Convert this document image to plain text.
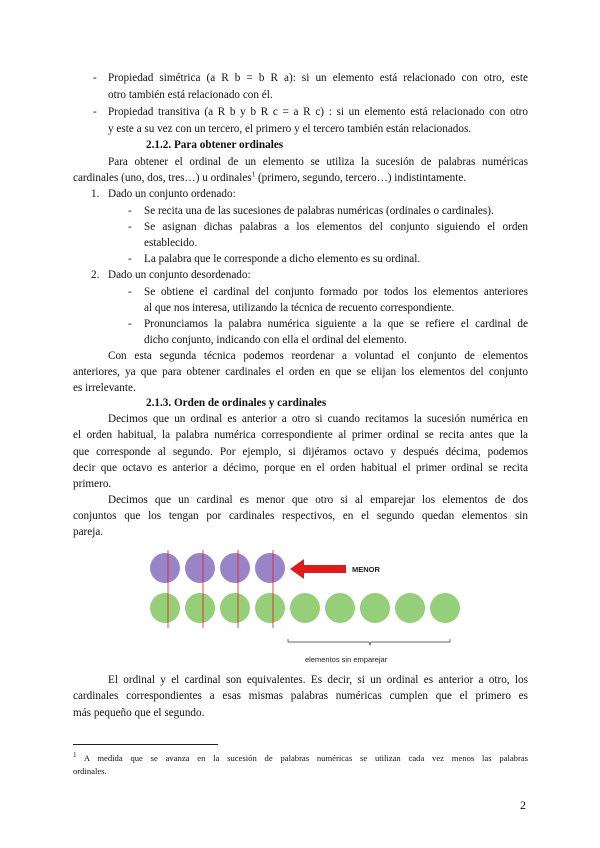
- Propiedad simétrica (a R b = b R a): si un elemento está relacionado con otro, este
otro también está relacionado con él.
- Propiedad transitiva (a R b y b R c = a R c) : si un elemento está relacionado con otro
y este a su vez con un tercero, el primero y el tercero también están relacionados.
2.1.2. Para obtener ordinales
Para obtener el ordinal de un elemento se utiliza la sucesión de palabras numéricas
cardinales (uno, dos, tres…) u ordinales$^1$ (primero, segundo, tercero…) indistintamente.
1. Dado un conjunto ordenado:
- Se recita una de las sucesiones de palabras numéricas (ordinales o cardinales).
- Se asignan dichas palabras a los elementos del conjunto siguiendo el orden
establecido.
- La palabra que le corresponde a dicho elemento es su ordinal.
2. Dado un conjunto desordenado:
- Se obtiene el cardinal del conjunto formado por todos los elementos anteriores
al que nos interesa, utilizando la técnica de recuento correspondiente.
- Pronunciamos la palabra numérica siguiente a la que se refiere el cardinal de
dicho conjunto, indicando con ella el ordinal del elemento.
Con esta segunda técnica podemos reordenar a voluntad el conjunto de elementos
anteriores, ya que para obtener cardinales el orden en que se elijan los elementos del conjunto
es irrelevante.
2.1.3. Orden de ordinales y cardinales
Decimos que un ordinal es anterior a otro si cuando recitamos la sucesión numérica en
el orden habitual, la palabra numérica correspondiente al primer ordinal se recita antes que la
que corresponde al segundo. Por ejemplo, si dijéramos octavo y después décima, podemos
decir que octavo es anterior a décimo, porque en el orden habitual el primer ordinal se recita
primero.
Decimos que un cardinal es menor que otro si al emparejar los elementos de dos
conjuntos que los tengan por cardinales respectivos, en el segundo quedan elementos sin
pareja.
MENOR
elementos sin emparejar
El ordinal y el cardinal son equivalentes. Es decir, si un ordinal es anterior a otro, los
cardinales correspondientes a esas mismas palabras numéricas cumplen que el primero es
más pequeño que el segundo.
$^1$ A medida que se avanza en la sucesión de palabras numéricas se utilizan cada vez menos las palabras
ordinales.
2
